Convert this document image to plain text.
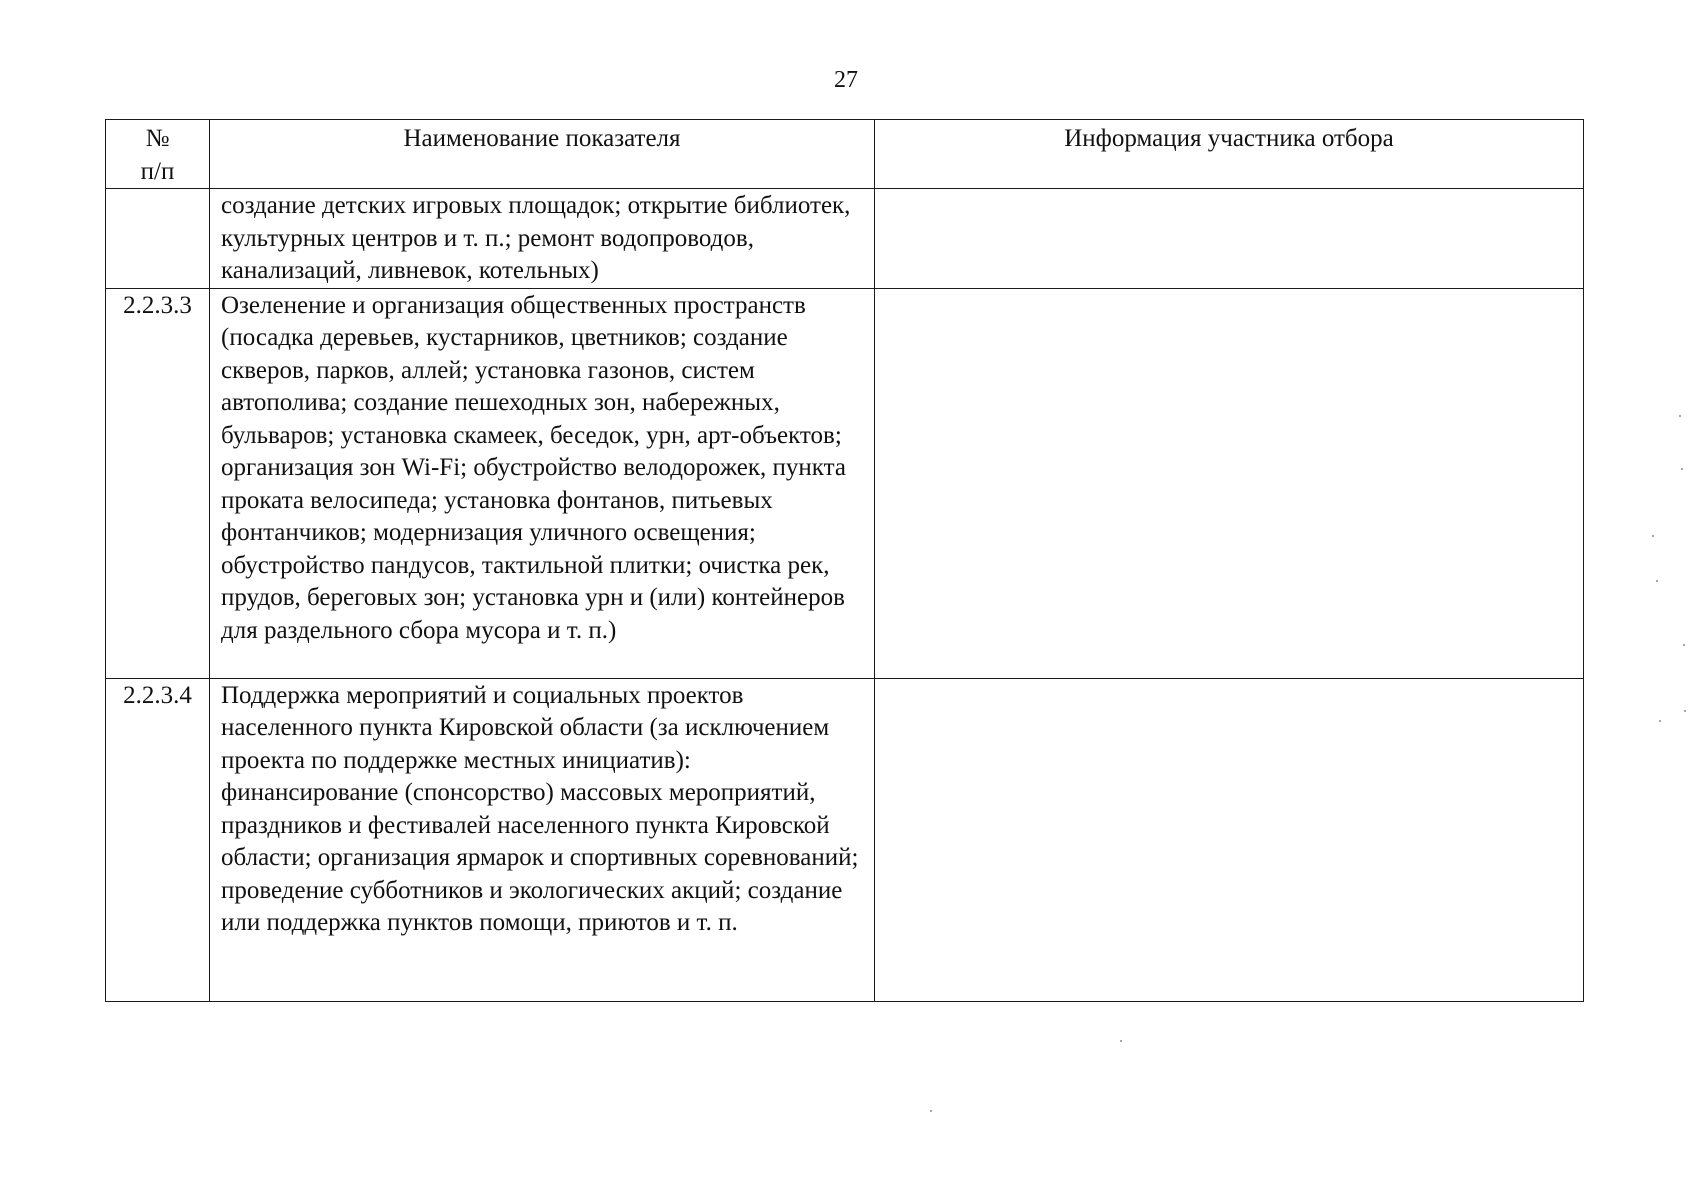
27
№
п/п	Наименование показателя	Информация участника отбора
	создание детских игровых площадок; открытие библиотек, культурных центров и т. п.; ремонт водопроводов, канализаций, ливневок, котельных)	
2.2.3.3	Озеленение и организация общественных пространств (посадка деревьев, кустарников, цветников; создание скверов, парков, аллей; установка газонов, систем автополива; создание пешеходных зон, набережных, бульваров; установка скамеек, беседок, урн, арт-объектов; организация зон Wi-Fi; обустройство велодорожек, пункта проката велосипеда; установка фонтанов, питьевых фонтанчиков; модернизация уличного освещения; обустройство пандусов, тактильной плитки; очистка рек, прудов, береговых зон; установка урн и (или) контейнеров для раздельного сбора мусора и т. п.)	
2.2.3.4	Поддержка мероприятий и социальных проектов населенного пункта Кировской области (за исключением проекта по поддержке местных инициатив): финансирование (спонсорство) массовых мероприятий, праздников и фестивалей населенного пункта Кировской области; организация ярмарок и спортивных соревнований; проведение субботников и экологических акций; создание или поддержка пунктов помощи, приютов и т. п.	
